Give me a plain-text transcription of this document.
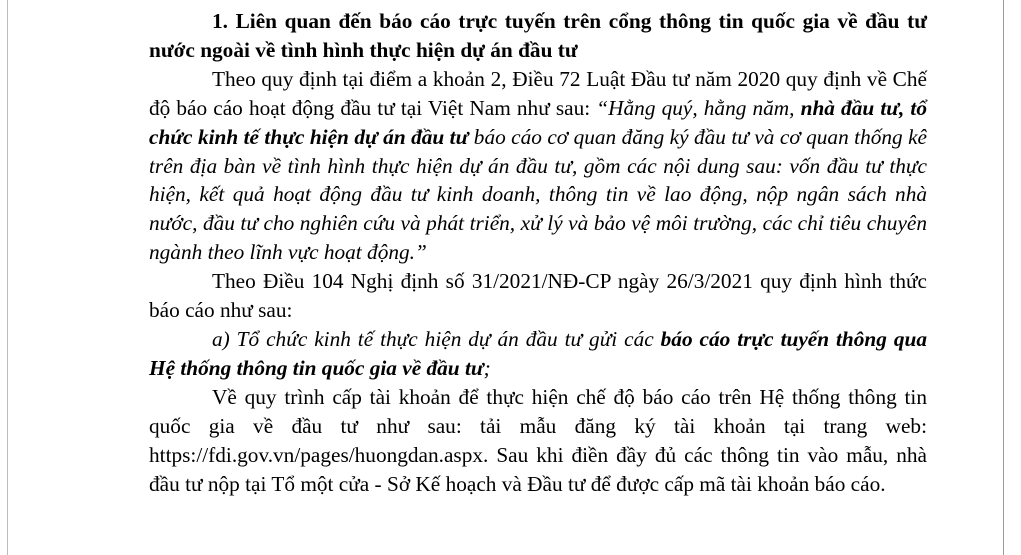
1. Liên quan đến báo cáo trực tuyến trên cổng thông tin quốc gia về đầu tư nước ngoài về tình hình thực hiện dự án đầu tư

Theo quy định tại điểm a khoản 2, Điều 72 Luật Đầu tư năm 2020 quy định về Chế độ báo cáo hoạt động đầu tư tại Việt Nam như sau: “Hằng quý, hằng năm, nhà đầu tư, tổ chức kinh tế thực hiện dự án đầu tư báo cáo cơ quan đăng ký đầu tư và cơ quan thống kê trên địa bàn về tình hình thực hiện dự án đầu tư, gồm các nội dung sau: vốn đầu tư thực hiện, kết quả hoạt động đầu tư kinh doanh, thông tin về lao động, nộp ngân sách nhà nước, đầu tư cho nghiên cứu và phát triển, xử lý và bảo vệ môi trường, các chỉ tiêu chuyên ngành theo lĩnh vực hoạt động.”

Theo Điều 104 Nghị định số 31/2021/NĐ-CP ngày 26/3/2021 quy định hình thức báo cáo như sau:

a) Tổ chức kinh tế thực hiện dự án đầu tư gửi các báo cáo trực tuyến thông qua Hệ thống thông tin quốc gia về đầu tư;

Về quy trình cấp tài khoản để thực hiện chế độ báo cáo trên Hệ thống thông tin quốc gia về đầu tư như sau: tải mẫu đăng ký tài khoản tại trang web: https://fdi.gov.vn/pages/huongdan.aspx. Sau khi điền đầy đủ các thông tin vào mẫu, nhà đầu tư nộp tại Tổ một cửa - Sở Kế hoạch và Đầu tư để được cấp mã tài khoản báo cáo.
